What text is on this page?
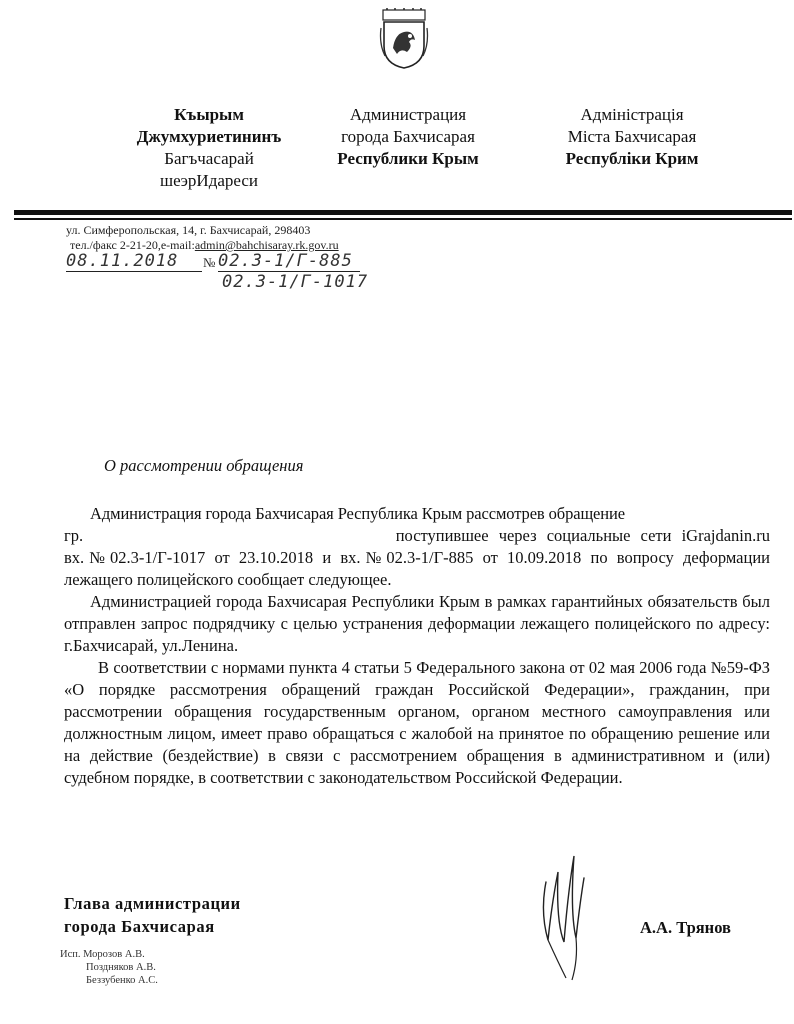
Къырым
Джумхуриетининъ
Багъчасарай
шеэрИдареси
Администрация
города Бахчисарая
Республики Крым
Адміністрація
Міста Бахчисарая
Республіки Крим
ул. Симферопольская, 14, г. Бахчисарай, 298403
тел./факс 2-21-20,e-mail:admin@bahchisaray.rk.gov.ru
08.11.2018	№ 02.3-1/Г-885
02.3-1/Г-1017
О рассмотрении обращения

Администрация города Бахчисарая Республика Крым рассмотрев обращение

гр.	поступившее через социальные сети iGrajdanin.ru

вх.№02.3-1/Г-1017 от 23.10.2018 и вх.№02.3-1/Г-885 от 10.09.2018 по вопросу деформации лежащего полицейского сообщает следующее.

Администрацией города Бахчисарая Республики Крым в рамках гарантийных обязательств был отправлен запрос подрядчику с целью устранения деформации лежащего полицейского по адресу: г.Бахчисарай, ул.Ленина.

В соответствии с нормами пункта 4 статьи 5 Федерального закона от 02 мая 2006 года №59-ФЗ «О порядке рассмотрения обращений граждан Российской Федерации», гражданин, при рассмотрении обращения государственным органом, органом местного самоуправления или должностным лицом, имеет право обращаться с жалобой на принятое по обращению решение или на действие (бездействие) в связи с рассмотрением обращения в административном и (или) судебном порядке, в соответствии с законодательством Российской Федерации.

Глава администрации
города Бахчисарая	А.А. Трянов
Исп. Морозов А.В.
Поздняков А.В.
Беззубенко А.С.
